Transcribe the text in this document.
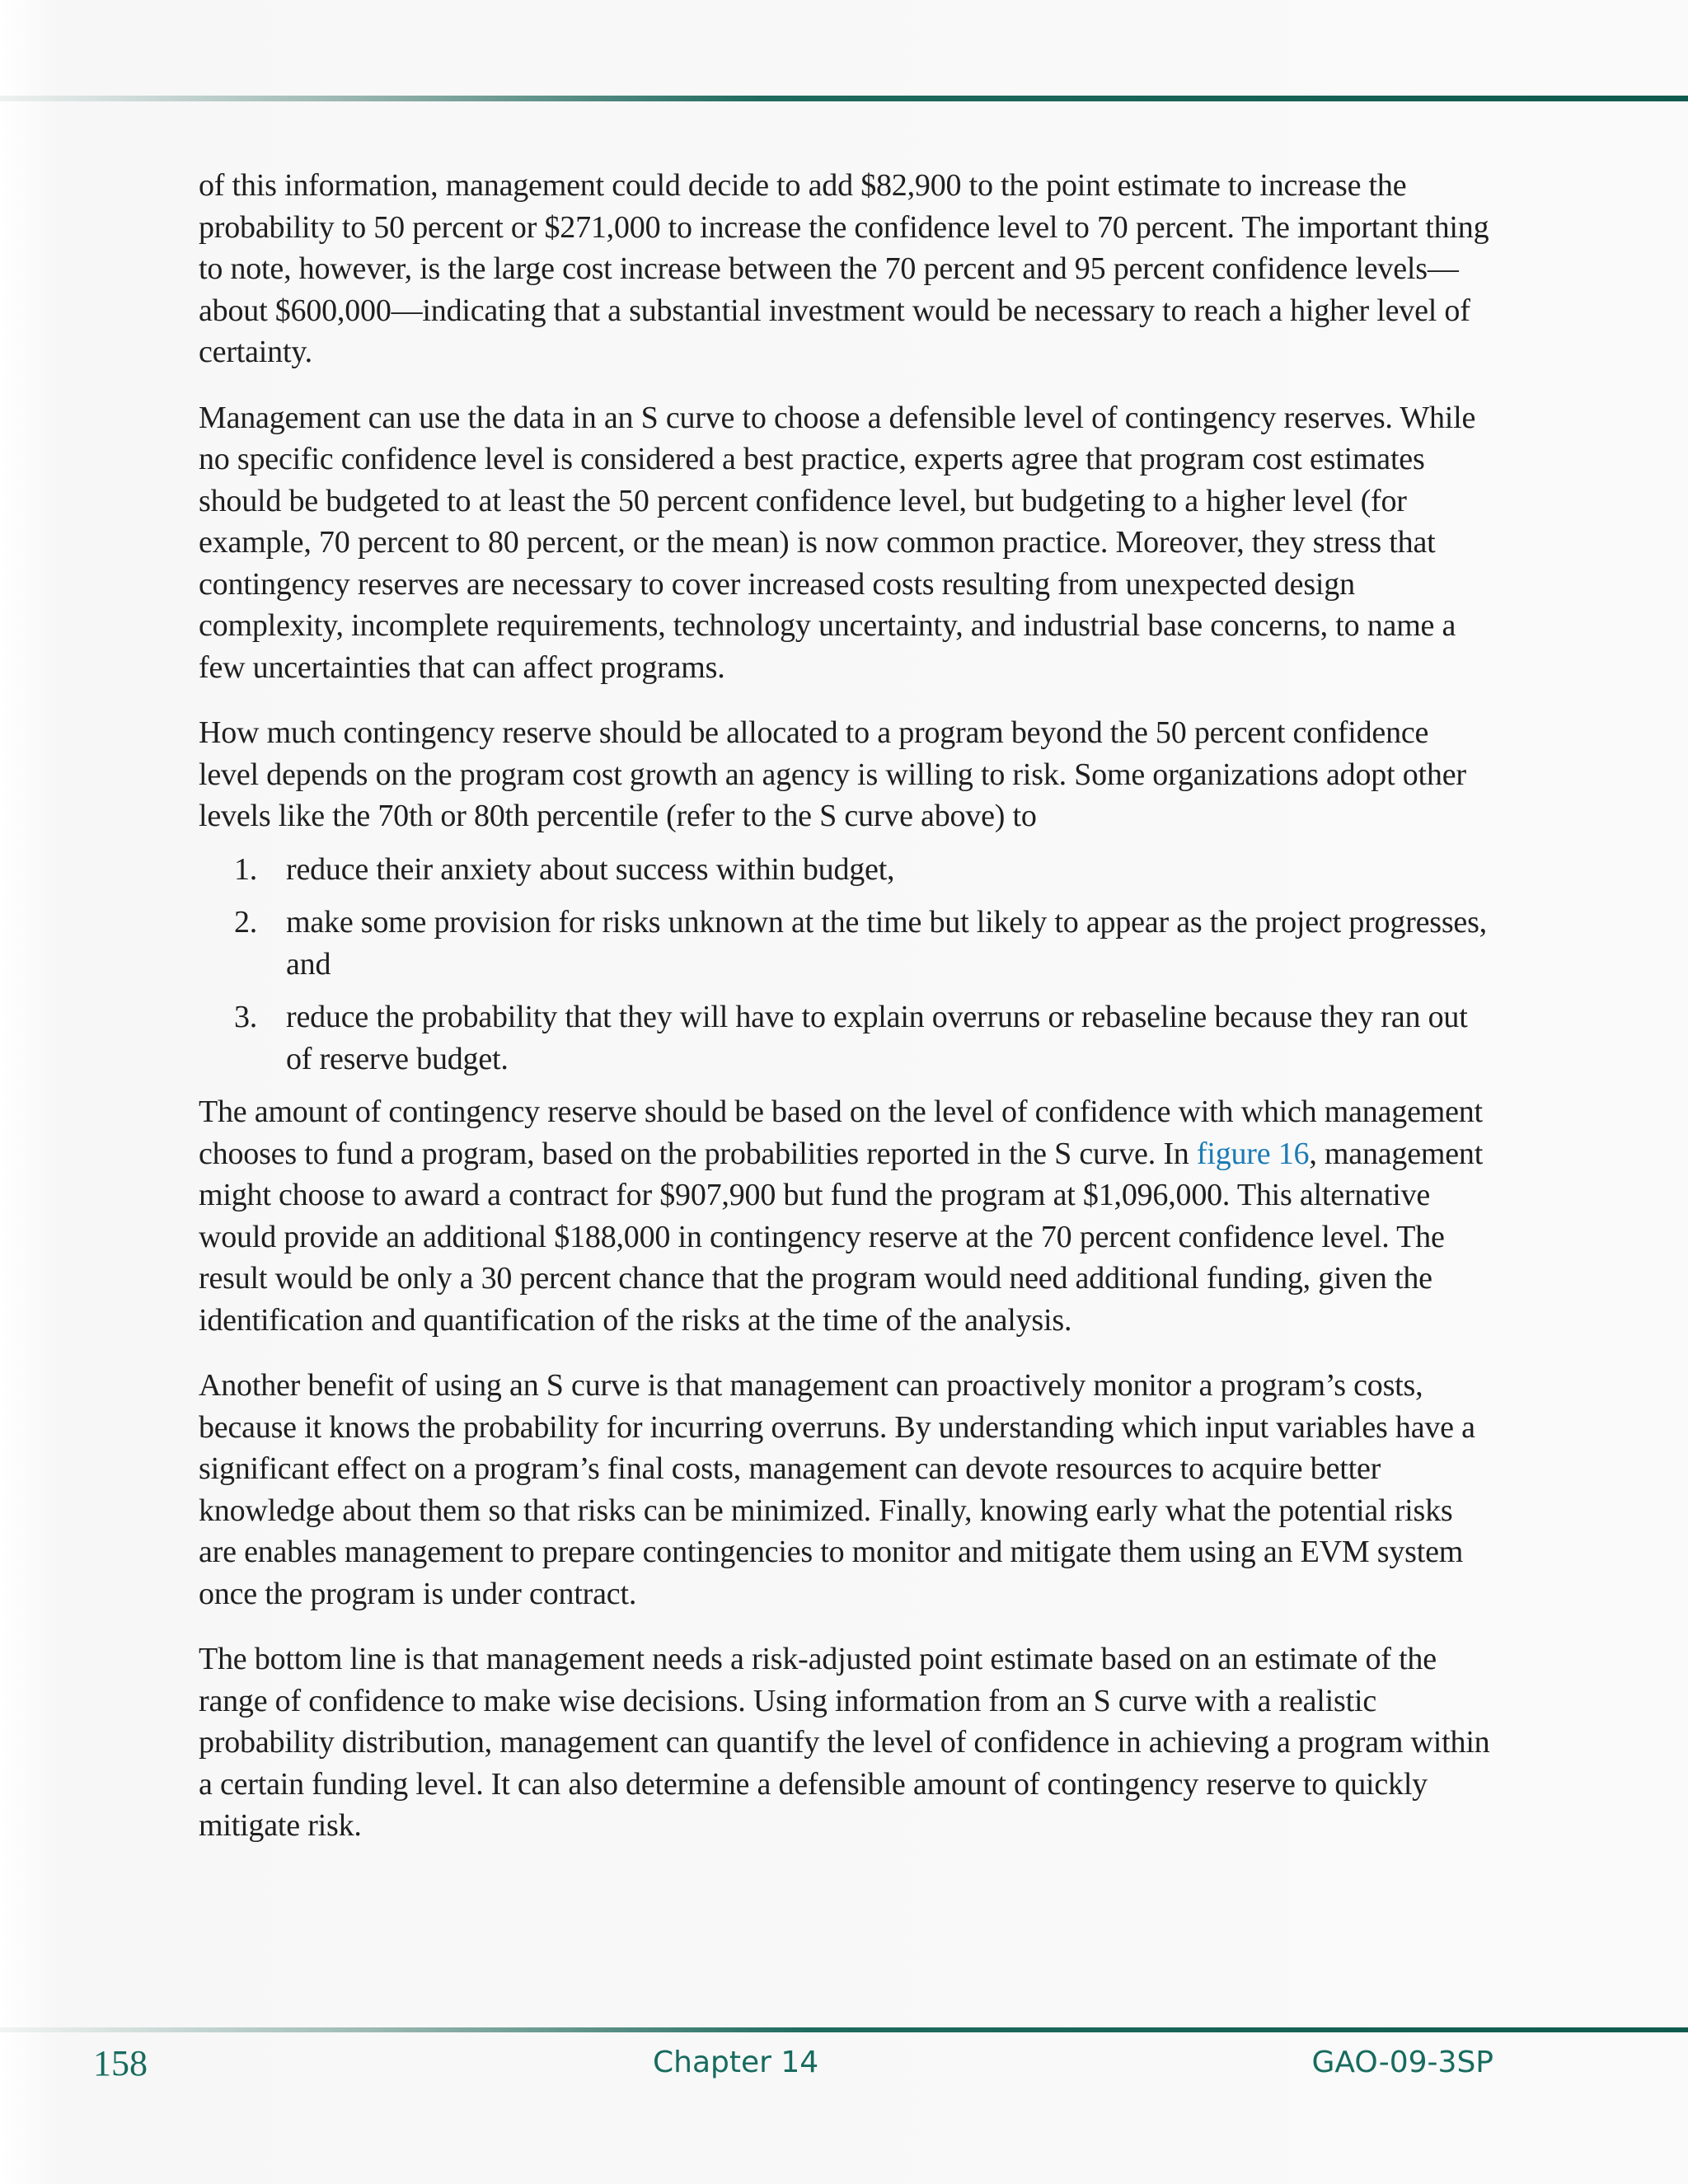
of this information, management could decide to add $82,900 to the point estimate to increase the probability to 50 percent or $271,000 to increase the confidence level to 70 percent. The important thing to note, however, is the large cost increase between the 70 percent and 95 percent confidence levels—about $600,000—indicating that a substantial investment would be necessary to reach a higher level of certainty.

Management can use the data in an S curve to choose a defensible level of contingency reserves. While no specific confidence level is considered a best practice, experts agree that program cost estimates should be budgeted to at least the 50 percent confidence level, but budgeting to a higher level (for example, 70 percent to 80 percent, or the mean) is now common practice. Moreover, they stress that contingency reserves are necessary to cover increased costs resulting from unexpected design complexity, incomplete requirements, technology uncertainty, and industrial base concerns, to name a few uncertainties that can affect programs.

How much contingency reserve should be allocated to a program beyond the 50 percent confidence level depends on the program cost growth an agency is willing to risk. Some organizations adopt other levels like the 70th or 80th percentile (refer to the S curve above) to

1. reduce their anxiety about success within budget,
2. make some provision for risks unknown at the time but likely to appear as the project progresses, and
3. reduce the probability that they will have to explain overruns or rebaseline because they ran out of reserve budget.

The amount of contingency reserve should be based on the level of confidence with which management chooses to fund a program, based on the probabilities reported in the S curve. In figure 16, management might choose to award a contract for $907,900 but fund the program at $1,096,000. This alternative would provide an additional $188,000 in contingency reserve at the 70 percent confidence level. The result would be only a 30 percent chance that the program would need additional funding, given the identification and quantification of the risks at the time of the analysis.

Another benefit of using an S curve is that management can proactively monitor a program’s costs, because it knows the probability for incurring overruns. By understanding which input variables have a significant effect on a program’s final costs, management can devote resources to acquire better knowledge about them so that risks can be minimized. Finally, knowing early what the potential risks are enables management to prepare contingencies to monitor and mitigate them using an EVM system once the program is under contract.

The bottom line is that management needs a risk-adjusted point estimate based on an estimate of the range of confidence to make wise decisions. Using information from an S curve with a realistic probability distribution, management can quantify the level of confidence in achieving a program within a certain funding level. It can also determine a defensible amount of contingency reserve to quickly mitigate risk.

158	Chapter 14	GAO-09-3SP
